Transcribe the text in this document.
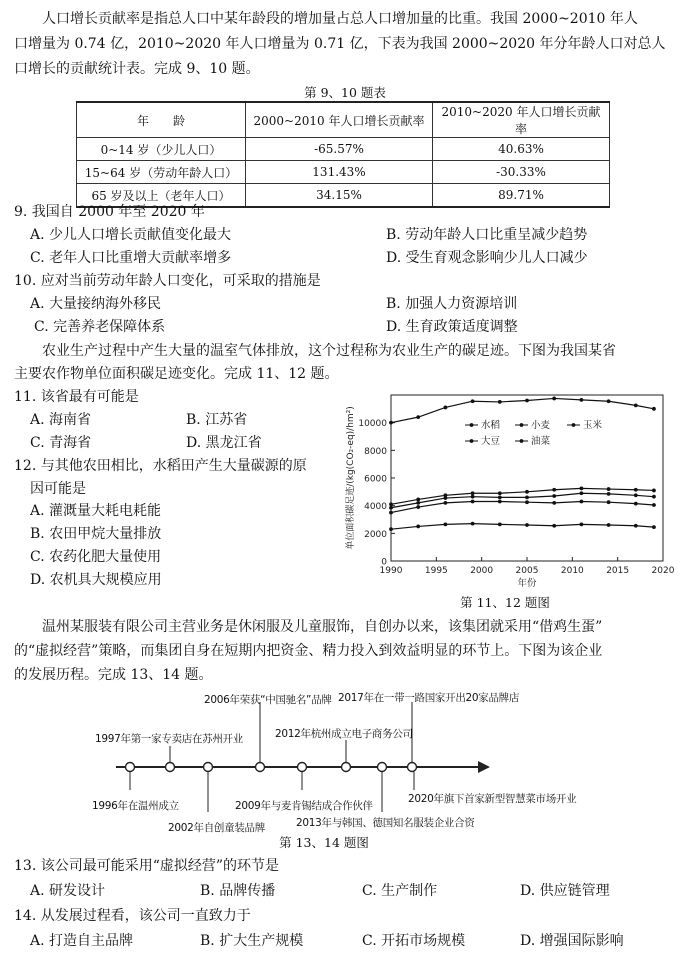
人口增长贡献率是指总人口中某年龄段的增加量占总人口增加量的比重。我国 2000~2010 年人
口增量为 0.74 亿，2010~2020 年人口增量为 0.71 亿，下表为我国 2000~2020 年分年龄人口对总人
口增长的贡献统计表。完成 9、10 题。
第 9、10 题表
年　　龄	2000~2010 年人口增长贡献率	2010~2020 年人口增长贡献率
0~14 岁（少儿人口）	-65.57%	40.63%
15~64 岁（劳动年龄人口）	131.43%	-30.33%
65 岁及以上（老年人口）	34.15%	89.71%
9. 我国自 2000 年至 2020 年
A. 少儿人口增长贡献值变化最大	B. 劳动年龄人口比重呈减少趋势
C. 老年人口比重增大贡献率增多	D. 受生育观念影响少儿人口减少
10. 应对当前劳动年龄人口变化，可采取的措施是
A. 大量接纳海外移民	B. 加强人力资源培训
C. 完善养老保障体系	D. 生育政策适度调整
农业生产过程中产生大量的温室气体排放，这个过程称为农业生产的碳足迹。下图为我国某省
主要农作物单位面积碳足迹变化。完成 11、12 题。
11. 该省最有可能是
A. 海南省	B. 江苏省
C. 青海省	D. 黑龙江省
12. 与其他农田相比，水稻田产生大量碳源的原
因可能是
A. 灌溉量大耗电耗能
B. 农田甲烷大量排放
C. 农药化肥大量使用
D. 农机具大规模应用
0
2000
4000
6000
8000
10000
1990 1995 2000 2005 2010 2015 2020
年份
单位面积碳足迹/(kg(CO₂-eq)/hm²)	水稻	小麦	玉米
大豆	油菜
第 11、12 题图
温州某服装有限公司主营业务是休闲服及儿童服饰，自创办以来，该集团就采用“借鸡生蛋”
的“虚拟经营”策略，而集团自身在短期内把资金、精力投入到效益明显的环节上。下图为该企业
的发展历程。完成 13、14 题。
1996年在温州成立
1997年第一家专卖店在苏州开业
2002年自创童装品牌
2006年荣获“中国驰名”品牌
2009年与麦肯锡结成合作伙伴
2012年杭州成立电子商务公司
2013年与韩国、德国知名服装企业合资
2017年在一带一路国家开出20家品牌店
2020年旗下首家新型智慧菜市场开业
第 13、14 题图
13. 该公司最可能采用“虚拟经营”的环节是
A. 研发设计	B. 品牌传播	C. 生产制作	D. 供应链管理
14. 从发展过程看，该公司一直致力于
A. 打造自主品牌	B. 扩大生产规模	C. 开拓市场规模	D. 增强国际影响
